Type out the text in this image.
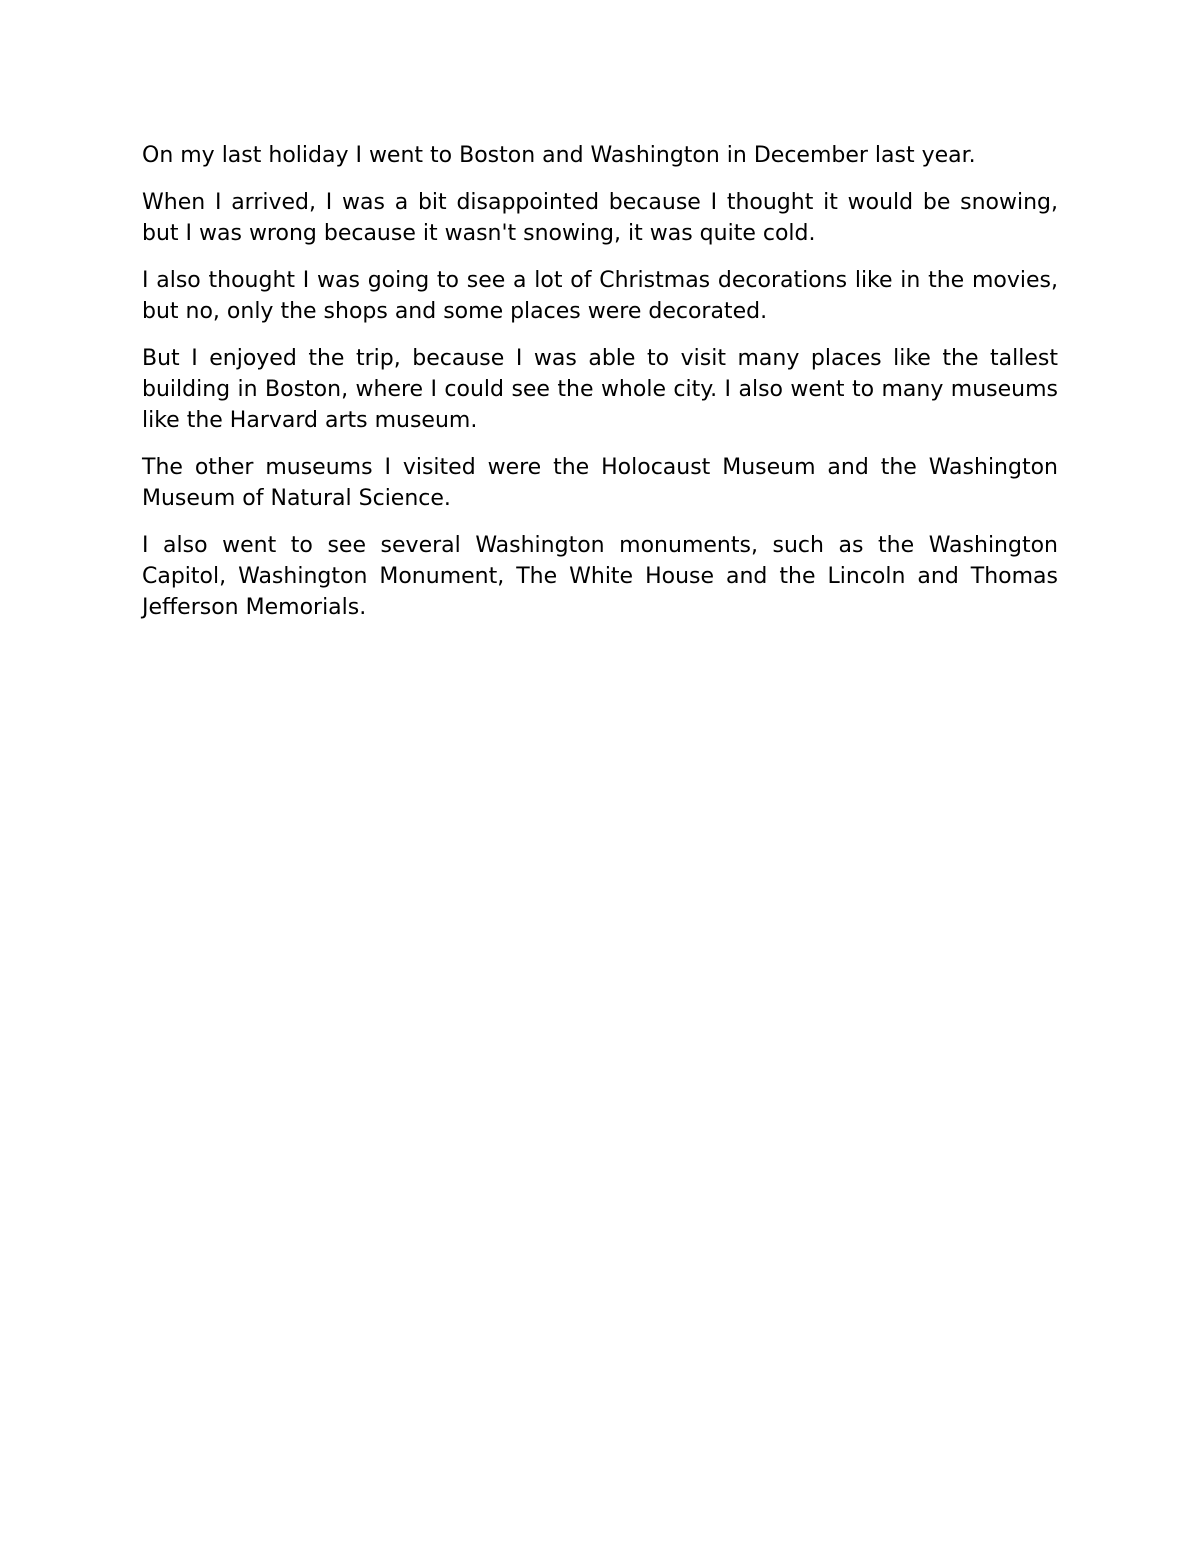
On my last holiday I went to Boston and Washington in December last year.

When I arrived, I was a bit disappointed because I thought it would be snowing, but I was wrong because it wasn't snowing, it was quite cold.

I also thought I was going to see a lot of Christmas decorations like in the movies, but no, only the shops and some places were decorated.

But I enjoyed the trip, because I was able to visit many places like the tallest building in Boston, where I could see the whole city. I also went to many museums like the Harvard arts museum.

The other museums I visited were the Holocaust Museum and the Washington Museum of Natural Science.

I also went to see several Washington monuments, such as the Washington Capitol, Washington Monument, The White House and the Lincoln and Thomas Jefferson Memorials.
